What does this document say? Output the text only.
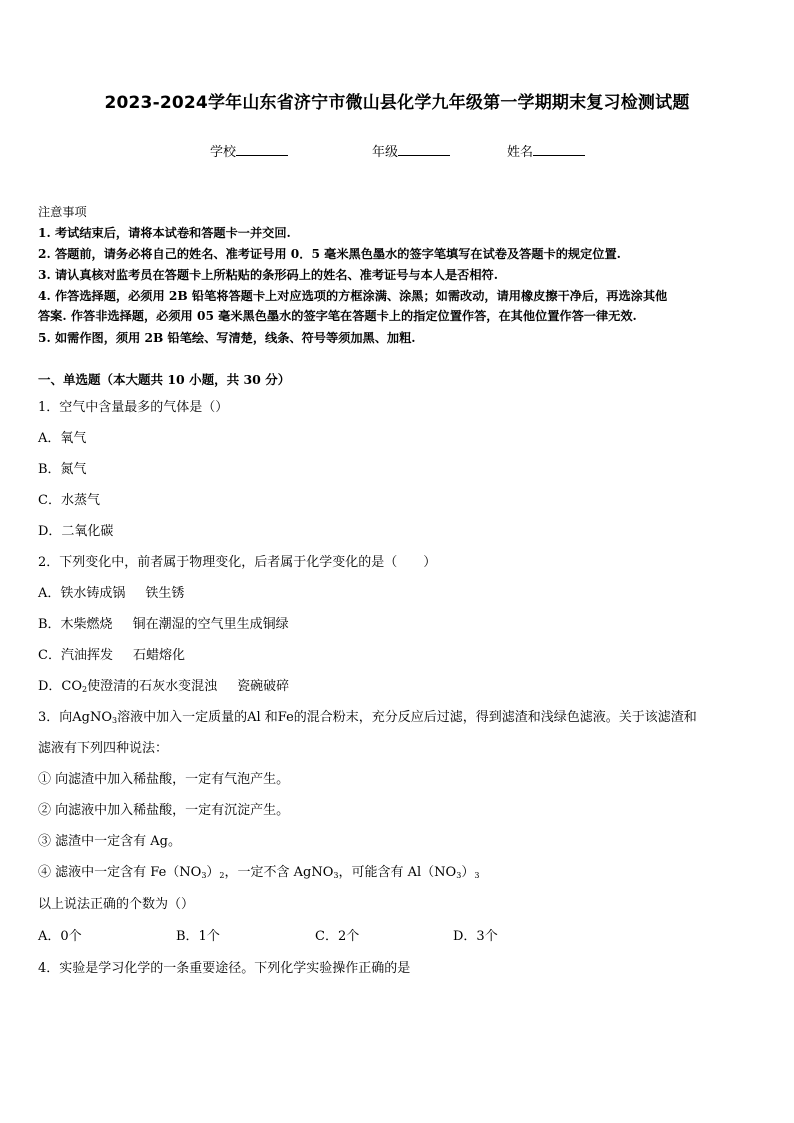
2023-2024学年山东省济宁市微山县化学九年级第一学期期末复习检测试题
学校	年级	姓名
注意事项
1. 考试结束后，请将本试卷和答题卡一并交回.
2. 答题前，请务必将自己的姓名、准考证号用 0．5 毫米黑色墨水的签字笔填写在试卷及答题卡的规定位置.
3. 请认真核对监考员在答题卡上所粘贴的条形码上的姓名、准考证号与本人是否相符.
4. 作答选择题，必须用 2B 铅笔将答题卡上对应选项的方框涂满、涂黑；如需改动，请用橡皮擦干净后，再选涂其他
答案. 作答非选择题，必须用 05 毫米黑色墨水的签字笔在答题卡上的指定位置作答，在其他位置作答一律无效.
5. 如需作图，须用 2B 铅笔绘、写清楚，线条、符号等须加黑、加粗.
一、单选题（本大题共 10 小题，共 30 分）
1．空气中含量最多的气体是（）
A．氧气
B．氮气
C．水蒸气
D．二氧化碳
2．下列变化中，前者属于物理变化，后者属于化学变化的是（　　）
A．铁水铸成锅 铁生锈
B．木柴燃烧 铜在潮湿的空气里生成铜绿
C．汽油挥发 石蜡熔化
D．$CO_2$使澄清的石灰水变混浊 瓷碗破碎
3．向AgNO$_3$溶液中加入一定质量的Al 和Fe的混合粉末，充分反应后过滤，得到滤渣和浅绿色滤液。关于该滤渣和
滤液有下列四种说法：
① 向滤渣中加入稀盐酸，一定有气泡产生。
② 向滤液中加入稀盐酸，一定有沉淀产生。
③ 滤渣中一定含有 Ag。
④ 滤液中一定含有 $Fe(NO_3)_2$，一定不含 AgNO$_3$，可能含有 $Al(NO_3)_3$
以上说法正确的个数为（）
A．0个	B．1个	C．2个	D．3个
4．实验是学习化学的一条重要途径。下列化学实验操作正确的是
